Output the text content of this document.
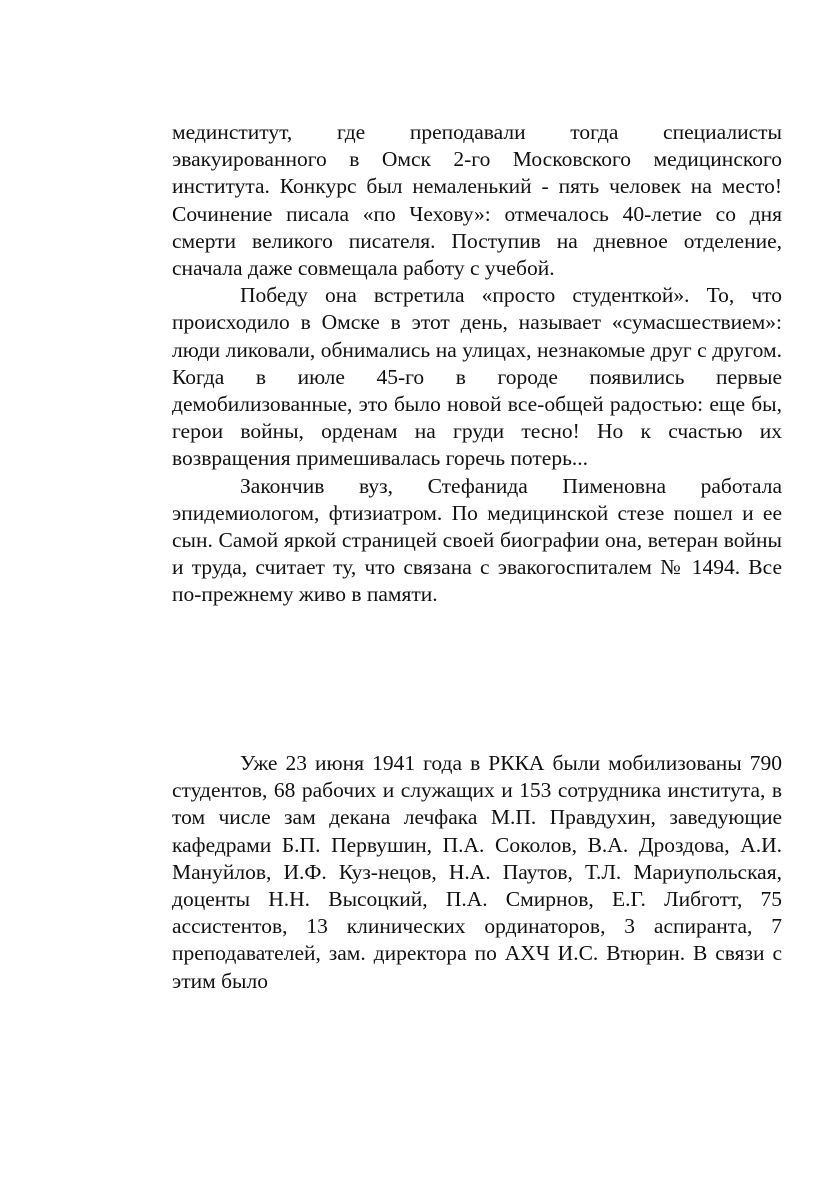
мединститут, где преподавали тогда специалисты эвакуированного в Омск 2-го Московского медицинского института. Конкурс был немаленький - пять человек на место! Сочинение писала «по Чехову»: отмечалось 40-летие со дня смерти великого писателя. Поступив на дневное отделение, сначала даже совмещала работу с учебой.

Победу она встретила «просто студенткой». То, что происходило в Омске в этот день, называет «сумасшествием»: люди ликовали, обнимались на улицах, незнакомые друг с другом. Когда в июле 45-го в городе появились первые демобилизованные, это было новой все-общей радостью: еще бы, герои войны, орденам на груди тесно! Но к счастью их возвращения примешивалась горечь потерь...

Закончив вуз, Стефанида Пименовна работала эпидемиологом, фтизиатром. По медицинской стезе пошел и ее сын. Самой яркой страницей своей биографии она, ветеран войны и труда, считает ту, что связана с эвакогоспиталем № 1494. Все по-прежнему живо в памяти.

Уже 23 июня 1941 года в РККА были мобилизованы 790 студентов, 68 рабочих и служащих и 153 сотрудника института, в том числе зам декана лечфака М.П. Правдухин, заведующие кафедрами Б.П. Первушин, П.А. Соколов, В.А. Дроздова, А.И. Мануйлов, И.Ф. Куз-нецов, Н.А. Паутов, Т.Л. Мариупольская, доценты Н.Н. Высоцкий, П.А. Смирнов, Е.Г. Либготт, 75 ассистентов, 13 клинических ординаторов, 3 аспиранта, 7 преподавателей, зам. директора по АХЧ И.С. Втюрин. В связи с этим было
